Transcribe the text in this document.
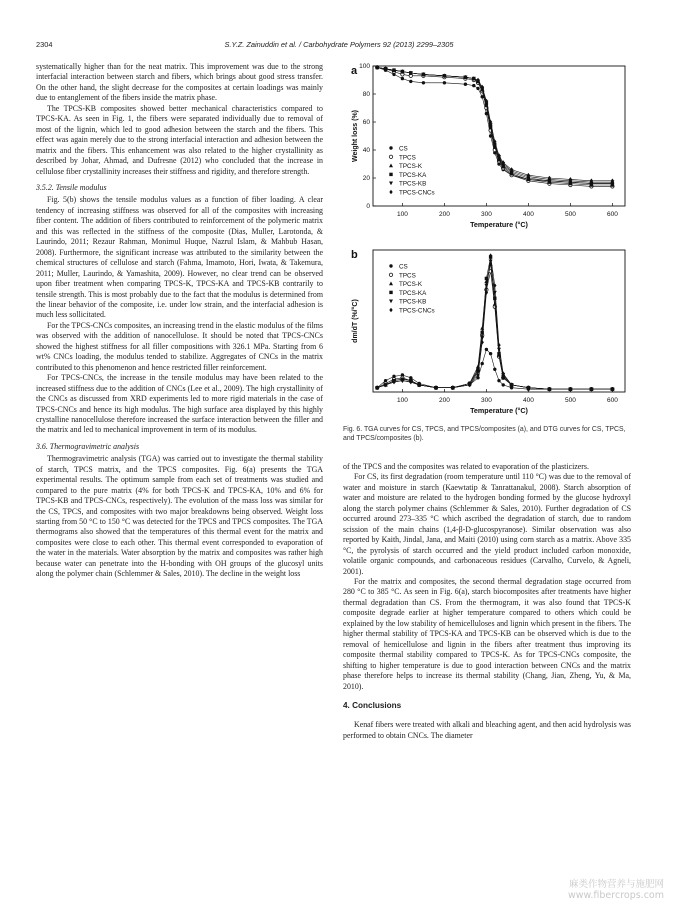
2304	S.Y.Z. Zainuddin et al. / Carbohydrate Polymers 92 (2013) 2299–2305

systematically higher than for the neat matrix. This improvement was due to the strong interfacial interaction between starch and fibers, which brings about good stress transfer. On the other hand, the slight decrease for the composites at certain loadings was mainly due to entanglement of the fibers inside the matrix phase.

The TPCS-KB composites showed better mechanical characteristics compared to TPCS-KA. As seen in Fig. 1, the fibers were separated individually due to removal of most of the lignin, which led to good adhesion between the starch and the fibers. This effect was again merely due to the strong interfacial interaction and adhesion between the matrix and the fibers. This enhancement was also related to the higher crystallinity as described by Johar, Ahmad, and Dufresne (2012) who concluded that the increase in cellulose fiber crystallinity increases their stiffness and rigidity, and therefore strength.

3.5.2. Tensile modulus

Fig. 5(b) shows the tensile modulus values as a function of fiber loading. A clear tendency of increasing stiffness was observed for all of the composites with increasing fiber content. The addition of fibers contributed to reinforcement of the polymeric matrix and this was reflected in the stiffness of the composite (Dias, Muller, Larotonda, & Laurindo, 2011; Rezaur Rahman, Monimul Huque, Nazrul Islam, & Mahbub Hasan, 2008). Furthermore, the significant increase was attributed to the similarity between the chemical structures of cellulose and starch (Fahma, Imamoto, Hori, Iwata, & Takemura, 2011; Muller, Laurindo, & Yamashita, 2009). However, no clear trend can be observed upon fiber treatment when comparing TPCS-K, TPCS-KA and TPCS-KB contrarily to tensile strength. This is most probably due to the fact that the modulus is determined from the linear behavior of the composite, i.e. under low strain, and the interfacial adhesion is much less sollicitated.

For the TPCS-CNCs composites, an increasing trend in the elastic modulus of the films was observed with the addition of nanocellulose. It should be noted that TPCS-CNCs showed the highest stiffness for all filler compositions with 326.1 MPa. Starting from 6 wt% CNCs loading, the modulus tended to stabilize. Aggregates of CNCs in the matrix contributed to this phenomenon and hence restricted filler reinforcement.

For TPCS-CNCs, the increase in the tensile modulus may have been related to the increased stiffness due to the addition of CNCs (Lee et al., 2009). The high crystallinity of the CNCs as discussed from XRD experiments led to more rigid materials in the case of TPCS-CNCs and hence its high modulus. The high surface area displayed by this highly crystalline nanocellulose therefore increased the surface interaction between the filler and the matrix and led to mechanical improvement in term of its modulus.

3.6. Thermogravimetric analysis

Thermogravimetric analysis (TGA) was carried out to investigate the thermal stability of starch, TPCS matrix, and the TPCS composites. Fig. 6(a) presents the TGA experimental results. The optimum sample from each set of treatments was studied and compared to the pure matrix (4% for both TPCS-K and TPCS-KA, 10% and 6% for TPCS-KB and TPCS-CNCs, respectively). The evolution of the mass loss was similar for the CS, TPCS, and composites with two major breakdowns being observed. Weight loss starting from 50 °C to 150 °C was detected for the TPCS and TPCS composites. The TGA thermograms also showed that the temperatures of this thermal event for the matrix and composites were close to each other. This thermal event corresponded to evaporation of the water in the materials. Water absorption by the matrix and composites was rather high because water can penetrate into the H-bonding with OH groups of the glucosyl units along the polymer chain (Schlemmer & Sales, 2010). The decline in the weight loss

a
100	200	300	400	500	600
0
20
40
60
80
100
Temperature (°C)
Weight loss (%)	CS
TPCS
TPCS-K
TPCS-KA
TPCS-KB
TPCS-CNCs
b
100	200	300	400	500	600
Temperature (°C)
dm/dT (%/°C)
CS
TPCS
TPCS-K
TPCS-KA
TPCS-KB
TPCS-CNCs
Fig. 6. TGA curves for CS, TPCS, and TPCS/composites (a), and DTG curves for CS, TPCS, and TPCS/composites (b).

of the TPCS and the composites was related to evaporation of the plasticizers.

For CS, its first degradation (room temperature until 110 °C) was due to the removal of water and moisture in starch (Kaewtatip & Tanrattanakul, 2008). Starch absorption of water and moisture are related to the hydrogen bonding formed by the glucose hydroxyl along the starch polymer chains (Schlemmer & Sales, 2010). Further degradation of CS occurred around 273–335 °C which ascribed the degradation of starch, due to random scission of the main chains (1,4-β-D-glucospyranose). Similar observation was also reported by Kaith, Jindal, Jana, and Maiti (2010) using corn starch as a matrix. Above 335 °C, the pyrolysis of starch occurred and the yield product included carbon monoxide, volatile organic compounds, and carbonaceous residues (Carvalho, Curvelo, & Agneli, 2001).

For the matrix and composites, the second thermal degradation stage occurred from 280 °C to 385 °C. As seen in Fig. 6(a), starch biocomposites after treatments have higher thermal degradation than CS. From the thermogram, it was also found that TPCS-K composite degrade earlier at higher temperature compared to others which could be explained by the low stability of hemicelluloses and lignin which present in the fibers. The higher thermal stability of TPCS-KA and TPCS-KB can be observed which is due to the removal of hemicellulose and lignin in the fibers after treatment thus improving its composite thermal stability compared to TPCS-K. As for TPCS-CNCs composite, the shifting to higher temperature is due to good interaction between CNCs and the matrix phase therefore helps to increase its thermal stability (Chang, Jian, Zheng, Yu, & Ma, 2010).

4. Conclusions

Kenaf fibers were treated with alkali and bleaching agent, and then acid hydrolysis was performed to obtain CNCs. The diameter

麻类作物营养与施肥网
www.fibercrops.com
